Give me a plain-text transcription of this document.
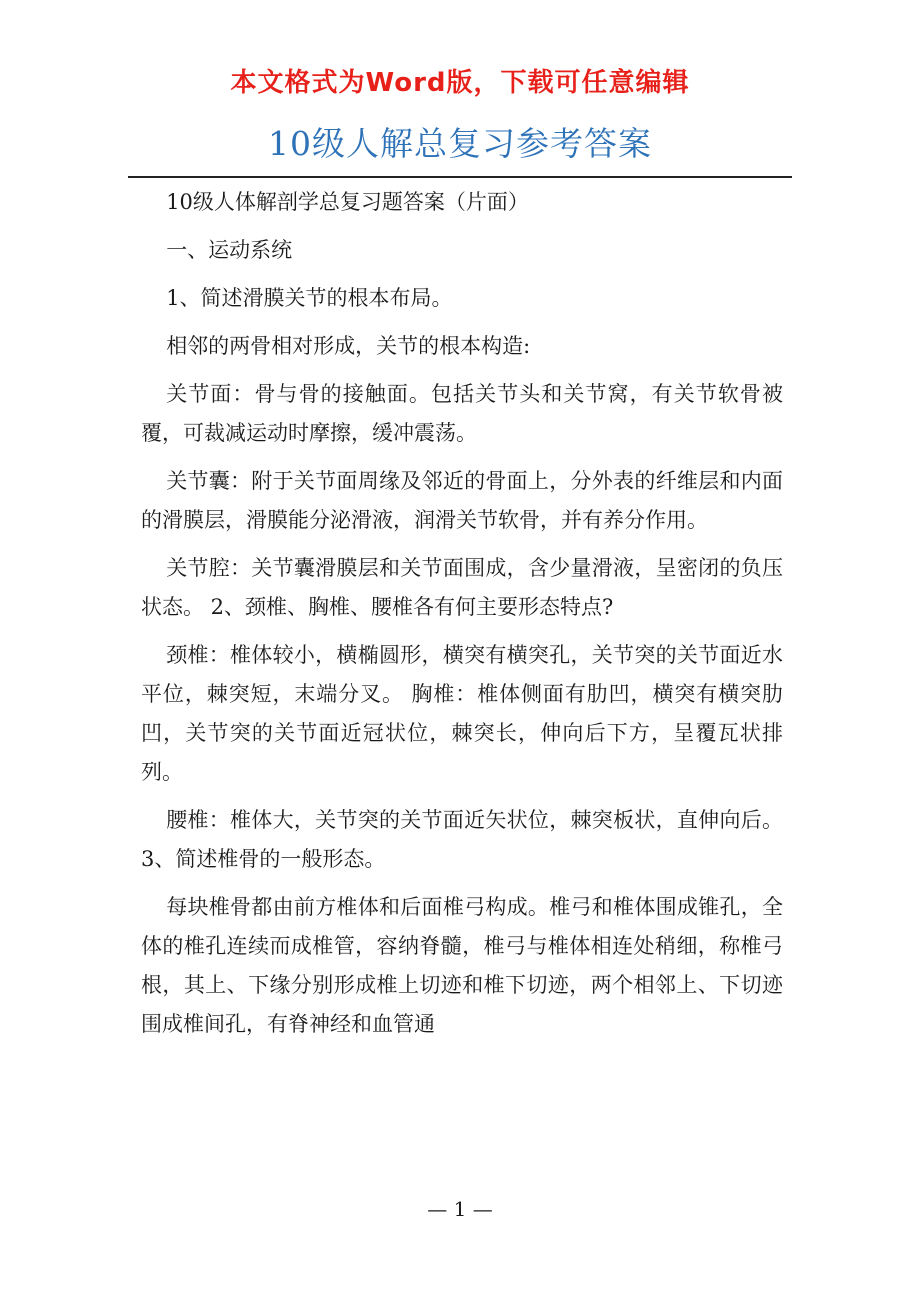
本文格式为Word版，下载可任意编辑
10级人解总复习参考答案

10级人体解剖学总复习题答案（片面）

一、运动系统

1、简述滑膜关节的根本布局。

相邻的两骨相对形成，关节的根本构造:

关节面：骨与骨的接触面。包括关节头和关节窝，有关节软骨被覆，可裁减运动时摩擦，缓冲震荡。

关节囊：附于关节面周缘及邻近的骨面上，分外表的纤维层和内面的滑膜层，滑膜能分泌滑液，润滑关节软骨，并有养分作用。

关节腔：关节囊滑膜层和关节面围成，含少量滑液，呈密闭的负压状态。 2、颈椎、胸椎、腰椎各有何主要形态特点?

颈椎：椎体较小，横椭圆形，横突有横突孔，关节突的关节面近水平位，棘突短，末端分叉。 胸椎：椎体侧面有肋凹，横突有横突肋凹，关节突的关节面近冠状位，棘突长，伸向后下方，呈覆瓦状排列。

腰椎：椎体大，关节突的关节面近矢状位，棘突板状，直伸向后。 3、简述椎骨的一般形态。

每块椎骨都由前方椎体和后面椎弓构成。椎弓和椎体围成锥孔，全体的椎孔连续而成椎管，容纳脊髓，椎弓与椎体相连处稍细，称椎弓根，其上、下缘分别形成椎上切迹和椎下切迹，两个相邻上、下切迹围成椎间孔，有脊神经和血管通

— 1 —
